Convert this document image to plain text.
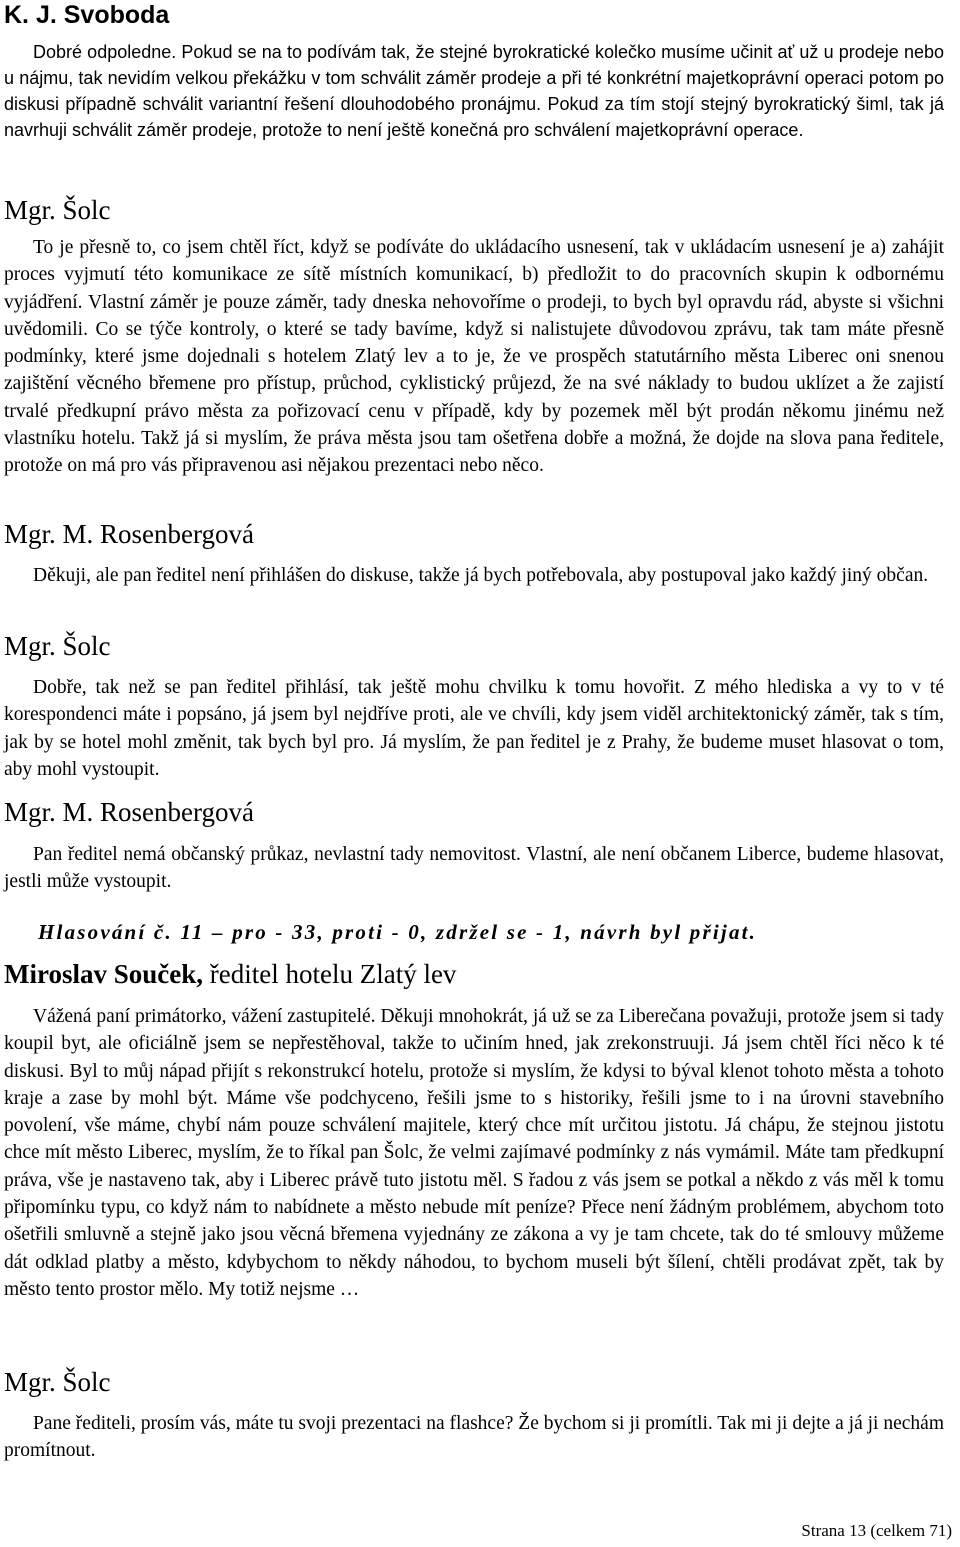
K. J. Svoboda
Dobré odpoledne. Pokud se na to podívám tak, že stejné byrokratické kolečko musíme učinit ať už u prodeje nebo u nájmu, tak nevidím velkou překážku v tom schválit záměr prodeje a při té konkrétní majetkoprávní operaci potom po diskusi případně schválit variantní řešení dlouhodobého pronájmu. Pokud za tím stojí stejný byrokratický šiml, tak já navrhuji schválit záměr prodeje, protože to není ještě konečná pro schválení majetkoprávní operace.
Mgr. Šolc
To je přesně to, co jsem chtěl říct, když se podíváte do ukládacího usnesení, tak v ukládacím usnesení je a) zahájit proces vyjmutí této komunikace ze sítě místních komunikací, b) předložit to do pracovních skupin k odbornému vyjádření. Vlastní záměr je pouze záměr, tady dneska nehovoříme o prodeji, to bych byl opravdu rád, abyste si všichni uvědomili. Co se týče kontroly, o které se tady bavíme, když si nalistujete důvodovou zprávu, tak tam máte přesně podmínky, které jsme dojednali s hotelem Zlatý lev a to je, že ve prospěch statutárního města Liberec oni snenou zajištění věcného břemene pro přístup, průchod, cyklistický průjezd, že na své náklady to budou uklízet a že zajistí trvalé předkupní právo města za pořizovací cenu v případě, kdy by pozemek měl být prodán někomu jinému než vlastníku hotelu. Takž já si myslím, že práva města jsou tam ošetřena dobře a možná, že dojde na slova pana ředitele, protože on má pro vás připravenou asi nějakou prezentaci nebo něco.
Mgr. M. Rosenbergová
Děkuji, ale pan ředitel není přihlášen do diskuse, takže já bych potřebovala, aby postupoval jako každý jiný občan.
Mgr. Šolc
Dobře, tak než se pan ředitel přihlásí, tak ještě mohu chvilku k tomu hovořit. Z mého hlediska a vy to v té korespondenci máte i popsáno, já jsem byl nejdříve proti, ale ve chvíli, kdy jsem viděl architektonický záměr, tak s tím, jak by se hotel mohl změnit, tak bych byl pro. Já myslím, že pan ředitel je z Prahy, že budeme muset hlasovat o tom, aby mohl vystoupit.
Mgr. M. Rosenbergová
Pan ředitel nemá občanský průkaz, nevlastní tady nemovitost. Vlastní, ale není občanem Liberce, budeme hlasovat, jestli může vystoupit.
Hlasování č. 11 – pro - 33, proti - 0, zdržel se - 1, návrh byl přijat.
Miroslav Souček, ředitel hotelu Zlatý lev
Vážená paní primátorko, vážení zastupitelé. Děkuji mnohokrát, já už se za Liberečana považuji, protože jsem si tady koupil byt, ale oficiálně jsem se nepřestěhoval, takže to učiním hned, jak zrekonstruuji. Já jsem chtěl říci něco k té diskusi. Byl to můj nápad přijít s rekonstrukcí hotelu, protože si myslím, že kdysi to býval klenot tohoto města a tohoto kraje a zase by mohl být. Máme vše podchyceno, řešili jsme to s historiky, řešili jsme to i na úrovni stavebního povolení, vše máme, chybí nám pouze schválení majitele, který chce mít určitou jistotu. Já chápu, že stejnou jistotu chce mít město Liberec, myslím, že to říkal pan Šolc, že velmi zajímavé podmínky z nás vymámil. Máte tam předkupní práva, vše je nastaveno tak, aby i Liberec právě tuto jistotu měl. S řadou z vás jsem se potkal a někdo z vás měl k tomu připomínku typu, co když nám to nabídnete a město nebude mít peníze? Přece není žádným problémem, abychom toto ošetřili smluvně a stejně jako jsou věcná břemena vyjednány ze zákona a vy je tam chcete, tak do té smlouvy můžeme dát odklad platby a město, kdybychom to někdy náhodou, to bychom museli být šílení, chtěli prodávat zpět, tak by město tento prostor mělo. My totiž nejsme …
Mgr. Šolc
Pane řediteli, prosím vás, máte tu svoji prezentaci na flashce? Že bychom si ji promítli. Tak mi ji dejte a já ji nechám promítnout.
Strana 13 (celkem 71)
